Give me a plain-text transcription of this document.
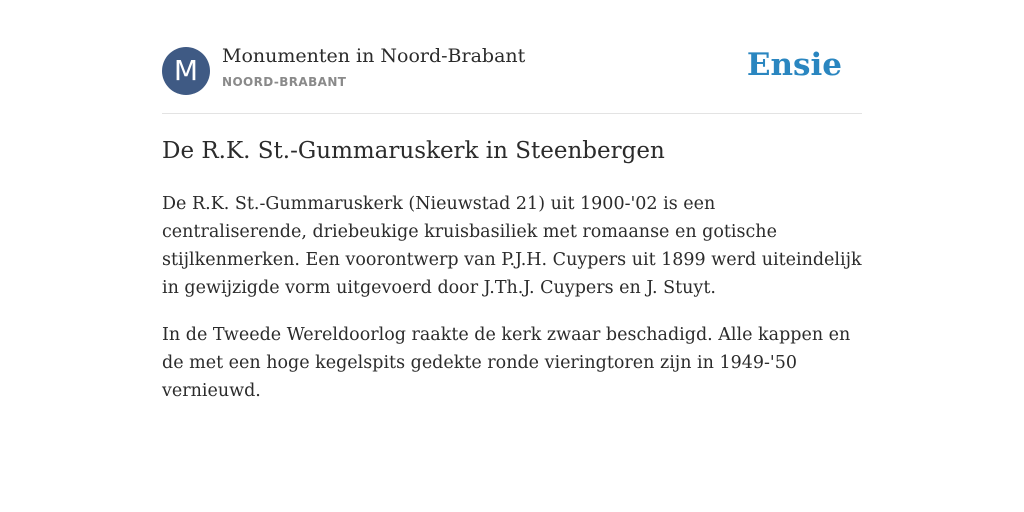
M	Monumenten in Noord-Brabant
NOORD-BRABANT	Ensie
De R.K. St.-Gummaruskerk in Steenbergen

De R.K. St.-Gummaruskerk (Nieuwstad 21) uit 1900-'02 is een centraliserende, driebeukige kruisbasiliek met romaanse en gotische stijlkenmerken. Een voorontwerp van P.J.H. Cuypers uit 1899 werd uiteindelijk in gewijzigde vorm uitgevoerd door J.Th.J. Cuypers en J. Stuyt.

In de Tweede Wereldoorlog raakte de kerk zwaar beschadigd. Alle kappen en de met een hoge kegelspits gedekte ronde vieringtoren zijn in 1949-'50 vernieuwd.
